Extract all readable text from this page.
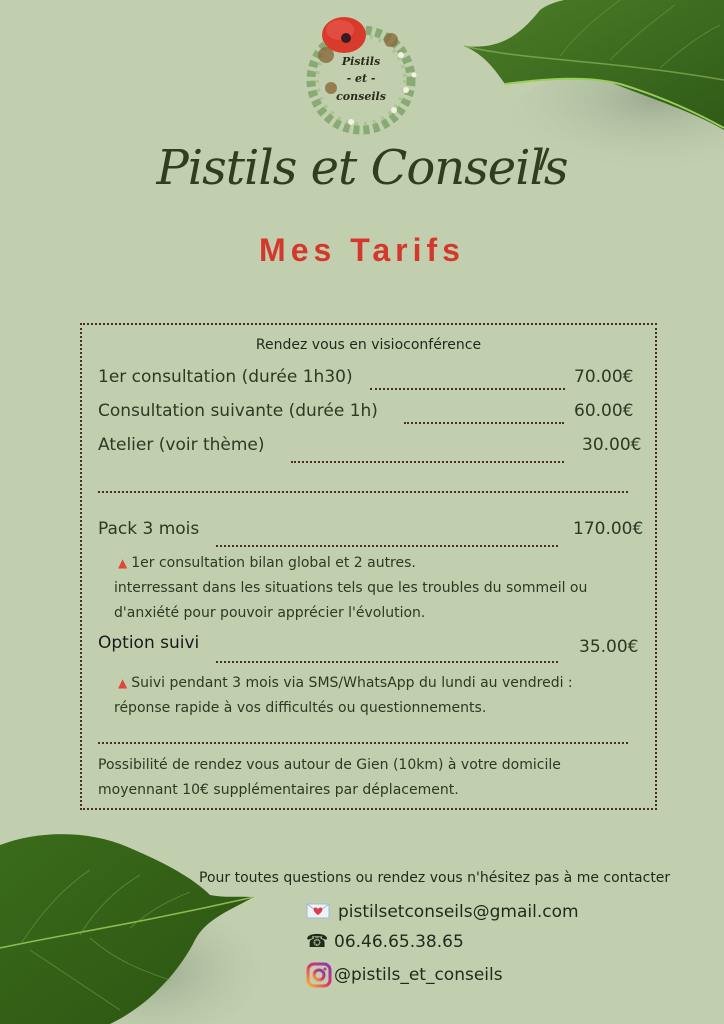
Pistils
- et -
conseils
Pistils et Conseils
Mes Tarifs
Rendez vous en visioconférence
1er consultation (durée 1h30)	70.00€
Consultation suivante (durée 1h)	60.00€
Atelier (voir thème)	30.00€
Pack 3 mois	170.00€
▲ 1er consultation bilan global et 2 autres.
interressant dans les situations tels que les troubles du sommeil ou
d'anxiété pour pouvoir apprécier l'évolution.
Option suivi	35.00€
▲ Suivi pendant 3 mois via SMS/WhatsApp du lundi au vendredi :
réponse rapide à vos difficultés ou questionnements.
Possibilité de rendez vous autour de Gien (10km) à votre domicile
moyennant 10€ supplémentaires par déplacement.
Pour toutes questions ou rendez vous n'hésitez pas à me contacter
pistilsetconseils@gmail.com
☎ 06.46.65.38.65
@pistils_et_conseils
